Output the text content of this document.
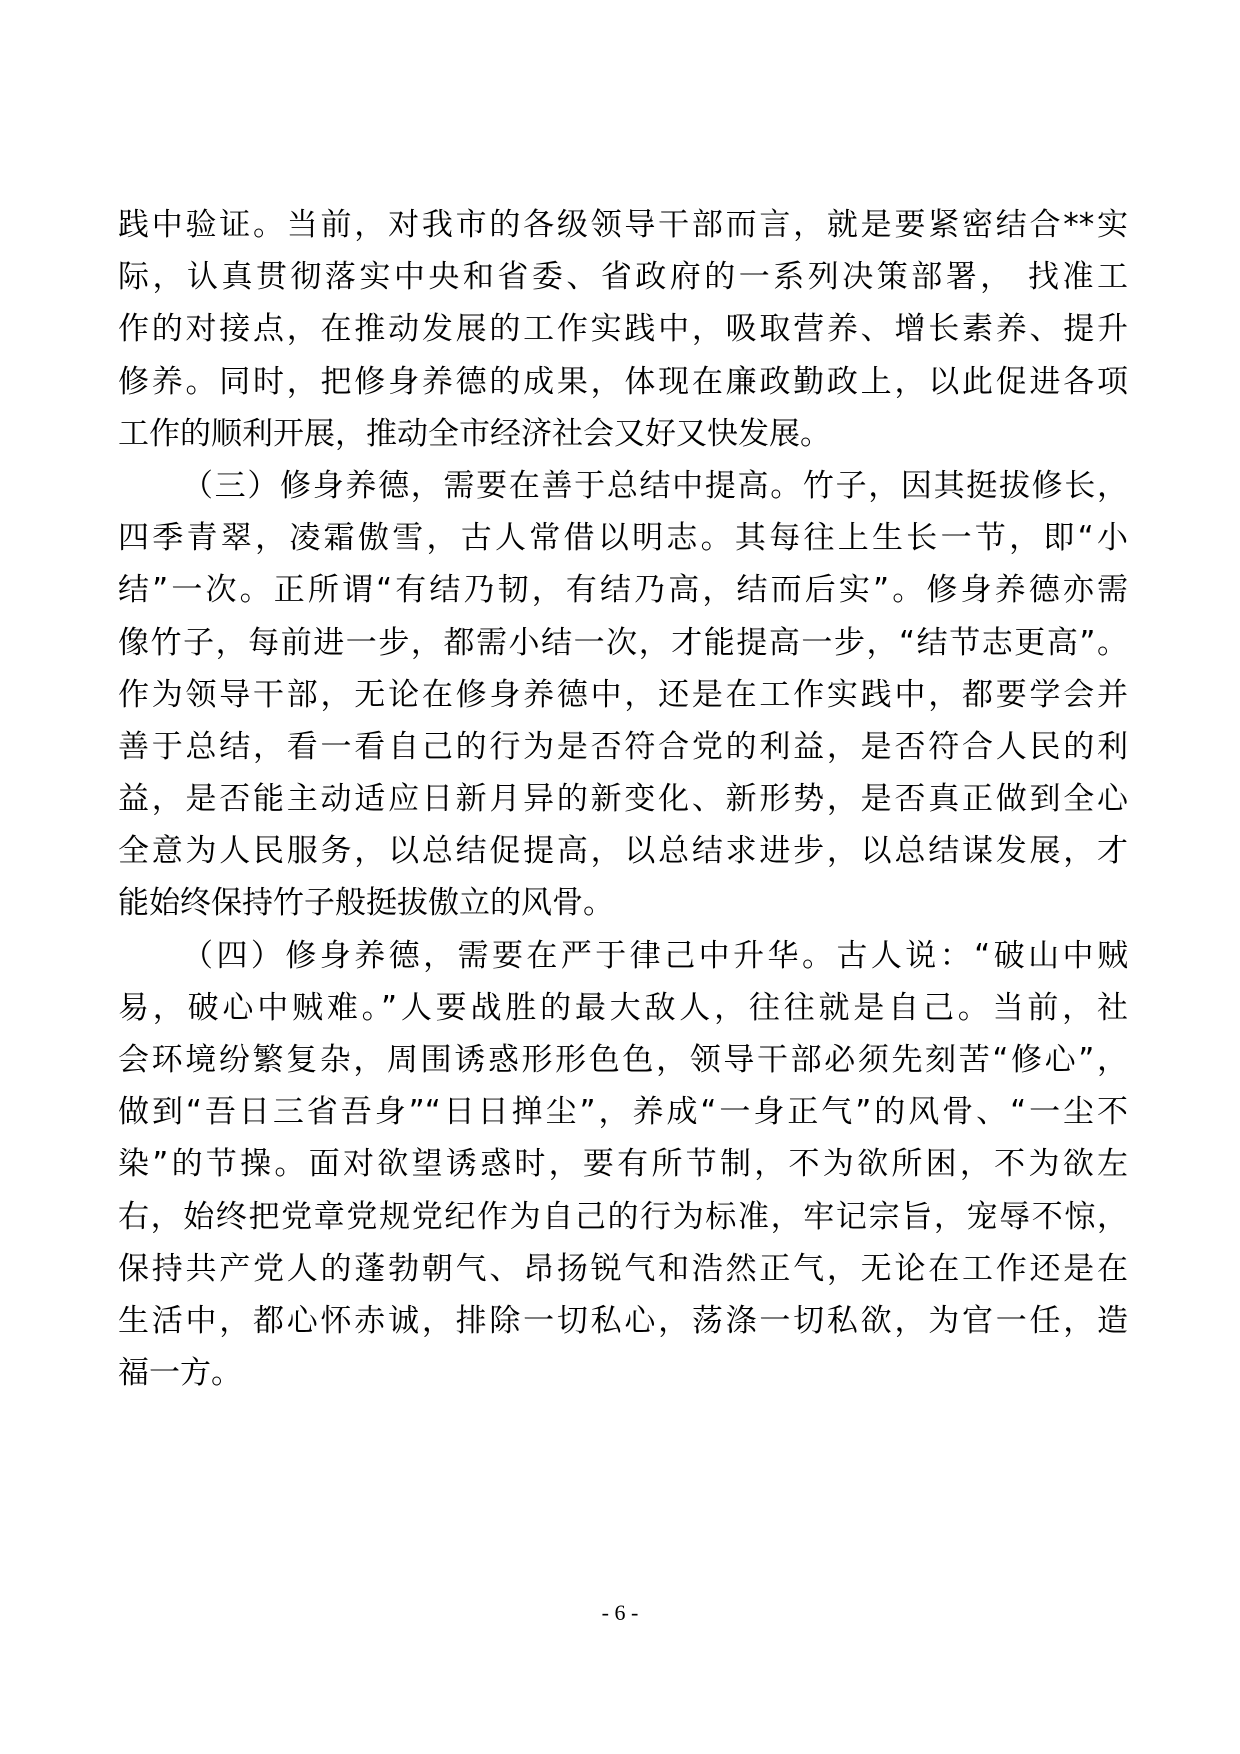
践中验证。当前，对我市的各级领导干部而言，就是要紧密结合**实
际，认真贯彻落实中央和省委、省政府的一系列决策部署， 找准工
作的对接点，在推动发展的工作实践中，吸取营养、增长素养、提升
修养。同时，把修身养德的成果，体现在廉政勤政上，以此促进各项
工作的顺利开展，推动全市经济社会又好又快发展。
（三）修身养德，需要在善于总结中提高。竹子，因其挺拔修长，
四季青翠，凌霜傲雪，古人常借以明志。其每往上生长一节，即“小
结”一次。正所谓“有结乃韧，有结乃高，结而后实”。修身养德亦需
像竹子，每前进一步，都需小结一次，才能提高一步，“结节志更高”。
作为领导干部，无论在修身养德中，还是在工作实践中，都要学会并
善于总结，看一看自己的行为是否符合党的利益，是否符合人民的利
益，是否能主动适应日新月异的新变化、新形势，是否真正做到全心
全意为人民服务，以总结促提高，以总结求进步，以总结谋发展，才
能始终保持竹子般挺拔傲立的风骨。
（四）修身养德，需要在严于律己中升华。古人说：“破山中贼
易，破心中贼难。”人要战胜的最大敌人，往往就是自己。当前，社
会环境纷繁复杂，周围诱惑形形色色，领导干部必须先刻苦“修心”，
做到“吾日三省吾身”“日日掸尘”，养成“一身正气”的风骨、“一尘不
染”的节操。面对欲望诱惑时，要有所节制，不为欲所困，不为欲左
右，始终把党章党规党纪作为自己的行为标准，牢记宗旨，宠辱不惊，
保持共产党人的蓬勃朝气、昂扬锐气和浩然正气，无论在工作还是在
生活中，都心怀赤诚，排除一切私心，荡涤一切私欲，为官一任，造
福一方。
- 6 -
